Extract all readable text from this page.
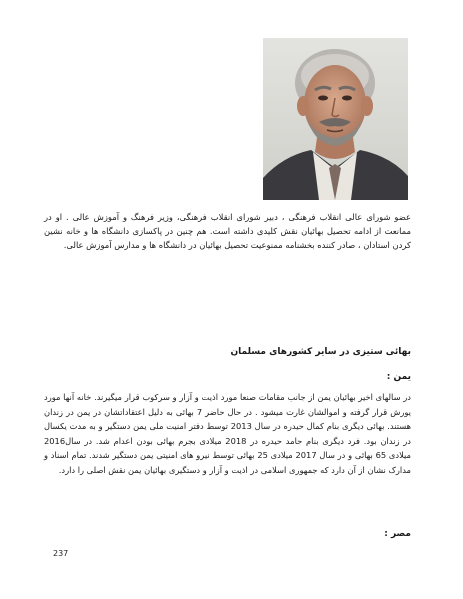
عضو شورای عالی انقلاب فرهنگی ، دبیر شورای انقلاب فرهنگی، وزیر فرهنگ و آموزش عالی . او در ممانعت از ادامه تحصیل بهائیان نقش کلیدی داشته است. هم چنین در پاکسازی دانشگاه ها و خانه نشین کردن استادان ، صادر کننده بخشنامه ممنوعیت تحصیل بهائیان در دانشگاه ها و مدارس آموزش عالی.
بهائی ستیزی در سایر کشورهای مسلمان
یمن :
در سالهای اخیر بهائیان یمن از جانب مقامات صنعا مورد اذیت و آزار و سرکوب قرار میگیرند. خانه آنها مورد یورش قرار گرفته و اموالشان غارت میشود . در حال حاضر 7 بهائی به دلیل اعتقاداتشان در یمن در زندان هستند. بهائی دیگری بنام کمال حیدره در سال 2013 توسط دفتر امنیت ملی یمن دستگیر و به مدت یکسال در زندان بود. فرد دیگری بنام حامد حیدره در 2018 میلادی بجرم بهائی بودن اعدام شد. در سال2016 میلادی 65 بهائی و در سال 2017 میلادی 25 بهائی توسط نیرو های امنیتی یمن دستگیر شدند. تمام اسناد و مدارک نشان از آن دارد که جمهوری اسلامی در اذیت و آزار و دستگیری بهائیان یمن نقش اصلی را دارد.
مصر :
237
